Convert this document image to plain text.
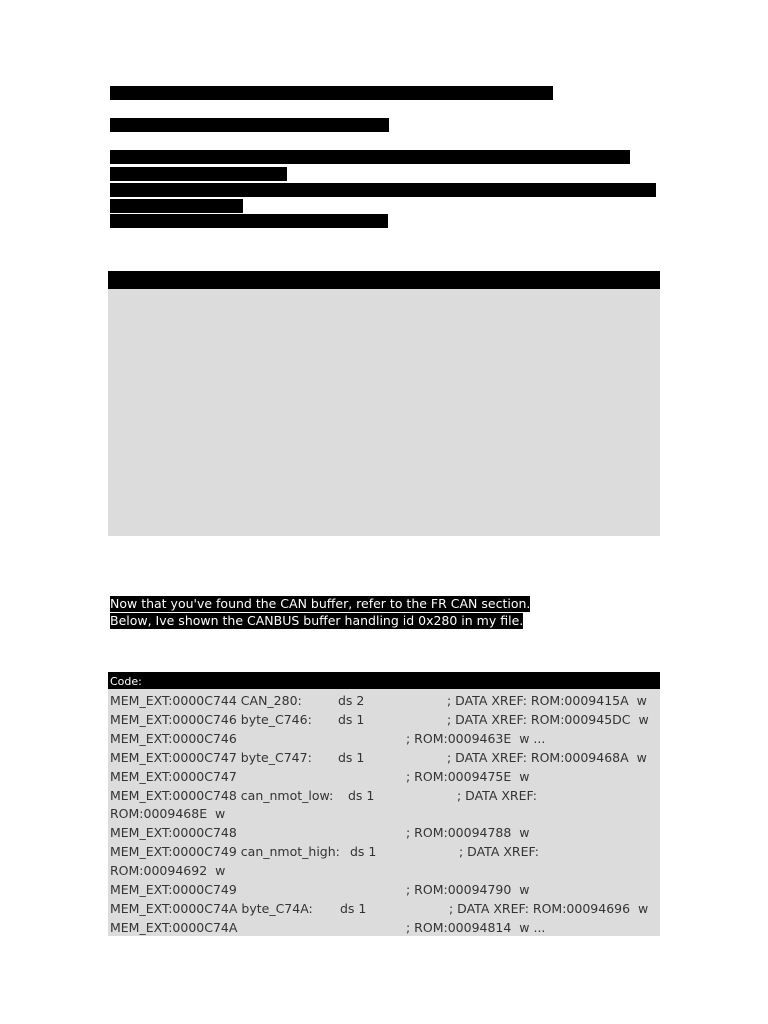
Now that you've found the CAN buffer, refer to the FR CAN section.
Below, Ive shown the CANBUS buffer handling id 0x280 in my file.
Code:
MEM_EXT:0000C744 CAN_280:	ds 2	; DATA XREF: ROM:0009415A  w
MEM_EXT:0000C746 byte_C746: ds 1	; DATA XREF: ROM:000945DC  w
MEM_EXT:0000C746	; ROM:0009463E  w ...
MEM_EXT:0000C747 byte_C747: ds 1	; DATA XREF: ROM:0009468A  w
MEM_EXT:0000C747	; ROM:0009475E  w
MEM_EXT:0000C748 can_nmot_low: ds 1	; DATA XREF:
ROM:0009468E  w
MEM_EXT:0000C748	; ROM:00094788  w
MEM_EXT:0000C749 can_nmot_high: ds 1	; DATA XREF:
ROM:00094692  w
MEM_EXT:0000C749	; ROM:00094790  w
MEM_EXT:0000C74A byte_C74A: ds 1	; DATA XREF: ROM:00094696  w
MEM_EXT:0000C74A	; ROM:00094814  w ...
